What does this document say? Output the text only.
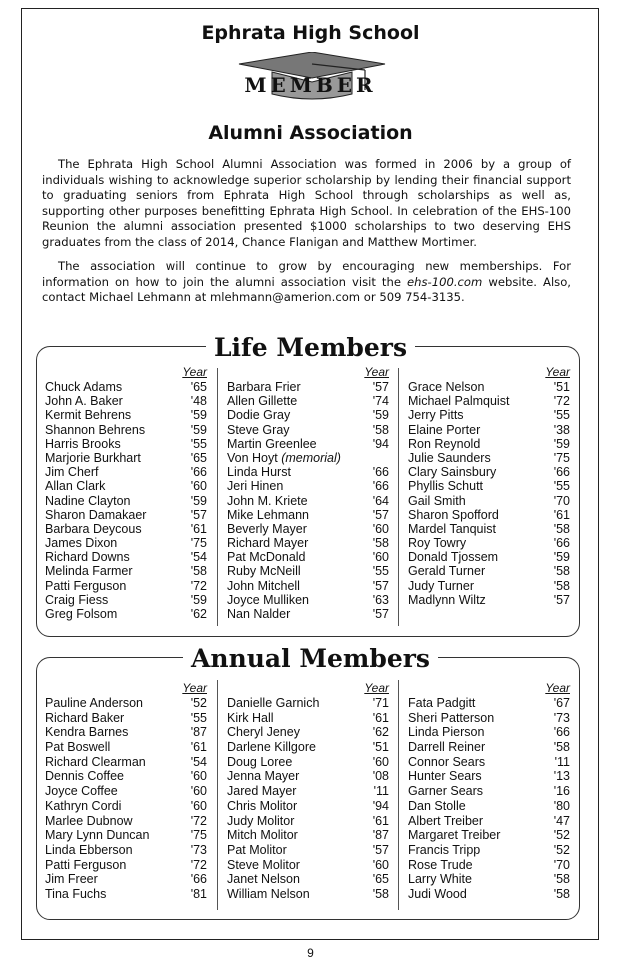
Ephrata High School
MEMBER
Alumni Association
The Ephrata High School Alumni Association was formed in 2006 by a group of individuals wishing to acknowledge superior scholarship by lending their financial support to graduating seniors from Ephrata High School through scholarships as well as, supporting other purposes benefitting Ephrata High School. In celebration of the EHS-100 Reunion the alumni association presented $1000 scholarships to two deserving EHS graduates from the class of 2014, Chance Flanigan and Matthew Mortimer.
The association will continue to grow by encouraging new memberships. For information on how to join the alumni association visit the ehs-100.com website. Also, contact Michael Lehmann at mlehmann@amerion.com or 509 754-3135.
Life Members
Year
Chuck Adams	'65
John A. Baker	'48
Kermit Behrens	'59
Shannon Behrens	'59
Harris Brooks	'55
Marjorie Burkhart	'65
Jim Cherf	'66
Allan Clark	'60
Nadine Clayton	'59
Sharon Damakaer	'57
Barbara Deycous	'61
James Dixon	'75
Richard Downs	'54
Melinda Farmer	'58
Patti Ferguson	'72
Craig Fiess	'59
Greg Folsom	'62
Year
Barbara Frier	'57
Allen Gillette	'74
Dodie Gray	'59
Steve Gray	'58
Martin Greenlee	'94
Von Hoyt (memorial)
Linda Hurst	'66
Jeri Hinen	'66
John M. Kriete	'64
Mike Lehmann	'57
Beverly Mayer	'60
Richard Mayer	'58
Pat McDonald	'60
Ruby McNeill	'55
John Mitchell	'57
Joyce Mulliken	'63
Nan Nalder	'57
Year
Grace Nelson	'51
Michael Palmquist	'72
Jerry Pitts	'55
Elaine Porter	'38
Ron Reynold	'59
Julie Saunders	'75
Clary Sainsbury	'66
Phyllis Schutt	'55
Gail Smith	'70
Sharon Spofford	'61
Mardel Tanquist	'58
Roy Towry	'66
Donald Tjossem	'59
Gerald Turner	'58
Judy Turner	'58
Madlynn Wiltz	'57
Annual Members
Year
Pauline Anderson	'52
Richard Baker	'55
Kendra Barnes	'87
Pat Boswell	'61
Richard Clearman	'54
Dennis Coffee	'60
Joyce Coffee	'60
Kathryn Cordi	'60
Marlee Dubnow	'72
Mary Lynn Duncan	'75
Linda Ebberson	'73
Patti Ferguson	'72
Jim Freer	'66
Tina Fuchs	'81
Year
Danielle Garnich	'71
Kirk Hall	'61
Cheryl Jeney	'62
Darlene Killgore	'51
Doug Loree	'60
Jenna Mayer	'08
Jared Mayer	'11
Chris Molitor	'94
Judy Molitor	'61
Mitch Molitor	'87
Pat Molitor	'57
Steve Molitor	'60
Janet Nelson	'65
William Nelson	'58
Year
Fata Padgitt	'67
Sheri Patterson	'73
Linda Pierson	'66
Darrell Reiner	'58
Connor Sears	'11
Hunter Sears	'13
Garner Sears	'16
Dan Stolle	'80
Albert Treiber	'47
Margaret Treiber	'52
Francis Tripp	'52
Rose Trude	'70
Larry White	'58
Judi Wood	'58
9
